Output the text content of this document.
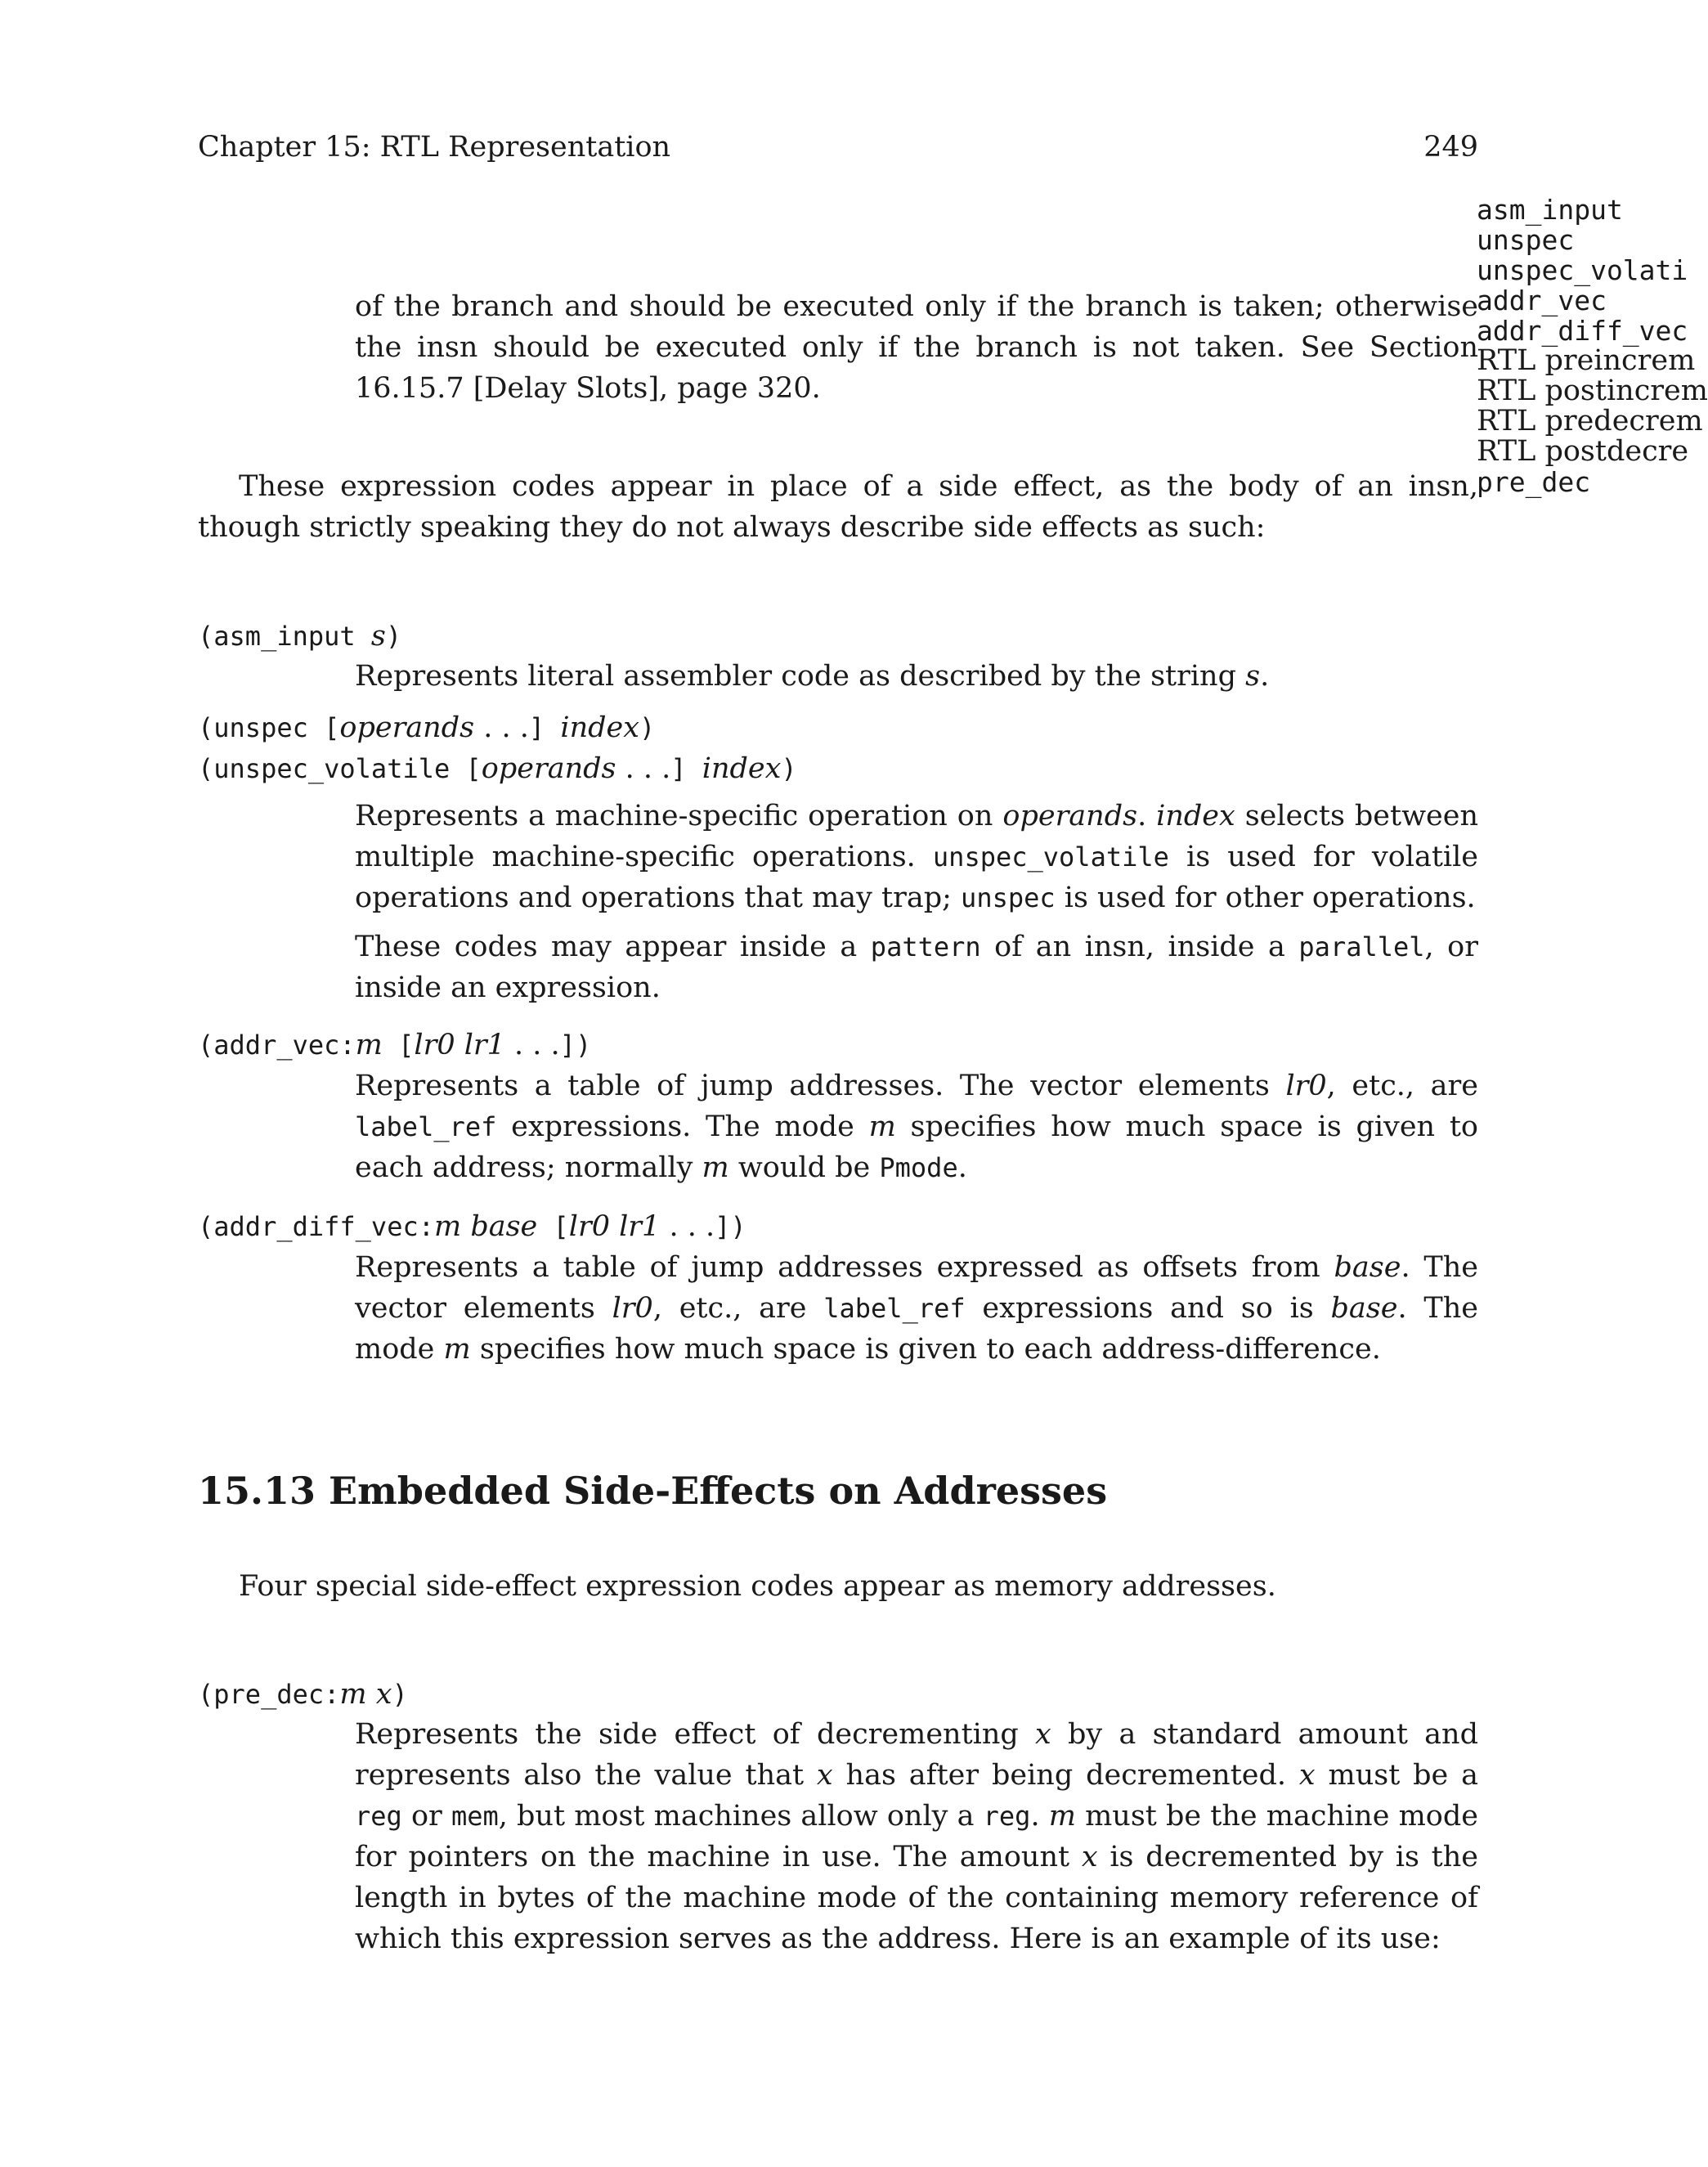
Chapter 15: RTL Representation	249
asm_input
unspec
unspec_volati
addr_vec
addr_diff_vec
RTL preincrem
RTL postincrem
RTL predecrem
RTL postdecre
pre_dec
of the branch and should be executed only if the branch is taken; otherwise the insn should be executed only if the branch is not taken. See Section 16.15.7 [Delay Slots], page 320.
These expression codes appear in place of a side effect, as the body of an insn, though strictly speaking they do not always describe side effects as such:
(asm_input s)
Represents literal assembler code as described by the string s.
(unspec [operands . . .] index)
(unspec_volatile [operands . . .] index)
Represents a machine-specific operation on operands. index selects between multiple machine-specific operations. unspec_volatile is used for volatile operations and operations that may trap; unspec is used for other operations.
These codes may appear inside a pattern of an insn, inside a parallel, or inside an expression.
(addr_vec:m [lr0 lr1 . . .])
Represents a table of jump addresses. The vector elements lr0, etc., are label_ref expressions. The mode m specifies how much space is given to each address; normally m would be Pmode.
(addr_diff_vec:m base [lr0 lr1 . . .])
Represents a table of jump addresses expressed as offsets from base. The vector elements lr0, etc., are label_ref expressions and so is base. The mode m specifies how much space is given to each address-difference.
15.13 Embedded Side-Effects on Addresses
Four special side-effect expression codes appear as memory addresses.
(pre_dec:m x)
Represents the side effect of decrementing x by a standard amount and represents also the value that x has after being decremented. x must be a reg or mem, but most machines allow only a reg. m must be the machine mode for pointers on the machine in use. The amount x is decremented by is the length in bytes of the machine mode of the containing memory reference of which this expression serves as the address. Here is an example of its use:
